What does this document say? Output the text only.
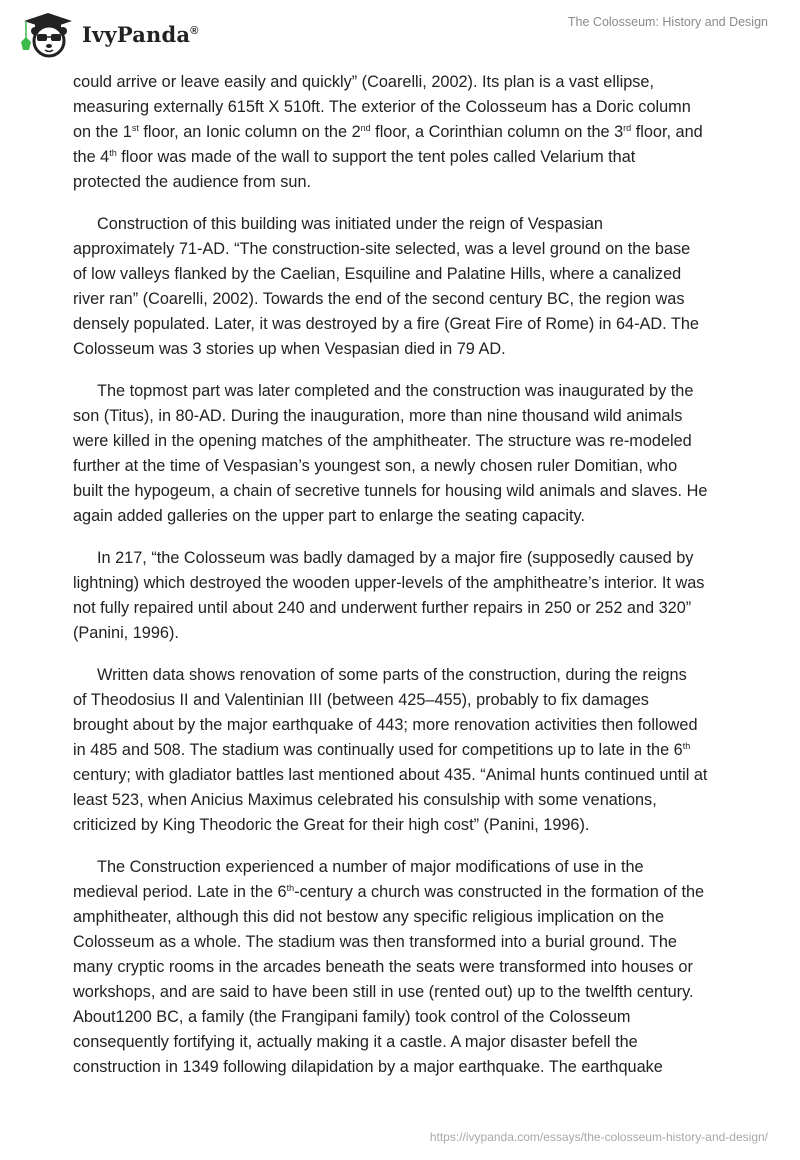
IvyPanda®
The Colosseum: History and Design
could arrive or leave easily and quickly” (Coarelli, 2002). Its plan is a vast ellipse,
measuring externally 615ft X 510ft. The exterior of the Colosseum has a Doric column
on the 1st floor, an Ionic column on the 2nd floor, a Corinthian column on the 3rd floor, and
the 4th floor was made of the wall to support the tent poles called Velarium that
protected the audience from sun.
Construction of this building was initiated under the reign of Vespasian
approximately 71-AD. “The construction-site selected, was a level ground on the base
of low valleys flanked by the Caelian, Esquiline and Palatine Hills, where a canalized
river ran” (Coarelli, 2002). Towards the end of the second century BC, the region was
densely populated. Later, it was destroyed by a fire (Great Fire of Rome) in 64-AD. The
Colosseum was 3 stories up when Vespasian died in 79 AD.
The topmost part was later completed and the construction was inaugurated by the
son (Titus), in 80-AD. During the inauguration, more than nine thousand wild animals
were killed in the opening matches of the amphitheater. The structure was re-modeled
further at the time of Vespasian’s youngest son, a newly chosen ruler Domitian, who
built the hypogeum, a chain of secretive tunnels for housing wild animals and slaves. He
again added galleries on the upper part to enlarge the seating capacity.
In 217, “the Colosseum was badly damaged by a major fire (supposedly caused by
lightning) which destroyed the wooden upper-levels of the amphitheatre’s interior. It was
not fully repaired until about 240 and underwent further repairs in 250 or 252 and 320”
(Panini, 1996).
Written data shows renovation of some parts of the construction, during the reigns
of Theodosius II and Valentinian III (between 425–455), probably to fix damages
brought about by the major earthquake of 443; more renovation activities then followed
in 485 and 508. The stadium was continually used for competitions up to late in the 6th
century; with gladiator battles last mentioned about 435. “Animal hunts continued until at
least 523, when Anicius Maximus celebrated his consulship with some venations,
criticized by King Theodoric the Great for their high cost” (Panini, 1996).
The Construction experienced a number of major modifications of use in the
medieval period. Late in the 6th-century a church was constructed in the formation of the
amphitheater, although this did not bestow any specific religious implication on the
Colosseum as a whole. The stadium was then transformed into a burial ground. The
many cryptic rooms in the arcades beneath the seats were transformed into houses or
workshops, and are said to have been still in use (rented out) up to the twelfth century.
About1200 BC, a family (the Frangipani family) took control of the Colosseum
consequently fortifying it, actually making it a castle. A major disaster befell the
construction in 1349 following dilapidation by a major earthquake. The earthquake
https://ivypanda.com/essays/the-colosseum-history-and-design/
